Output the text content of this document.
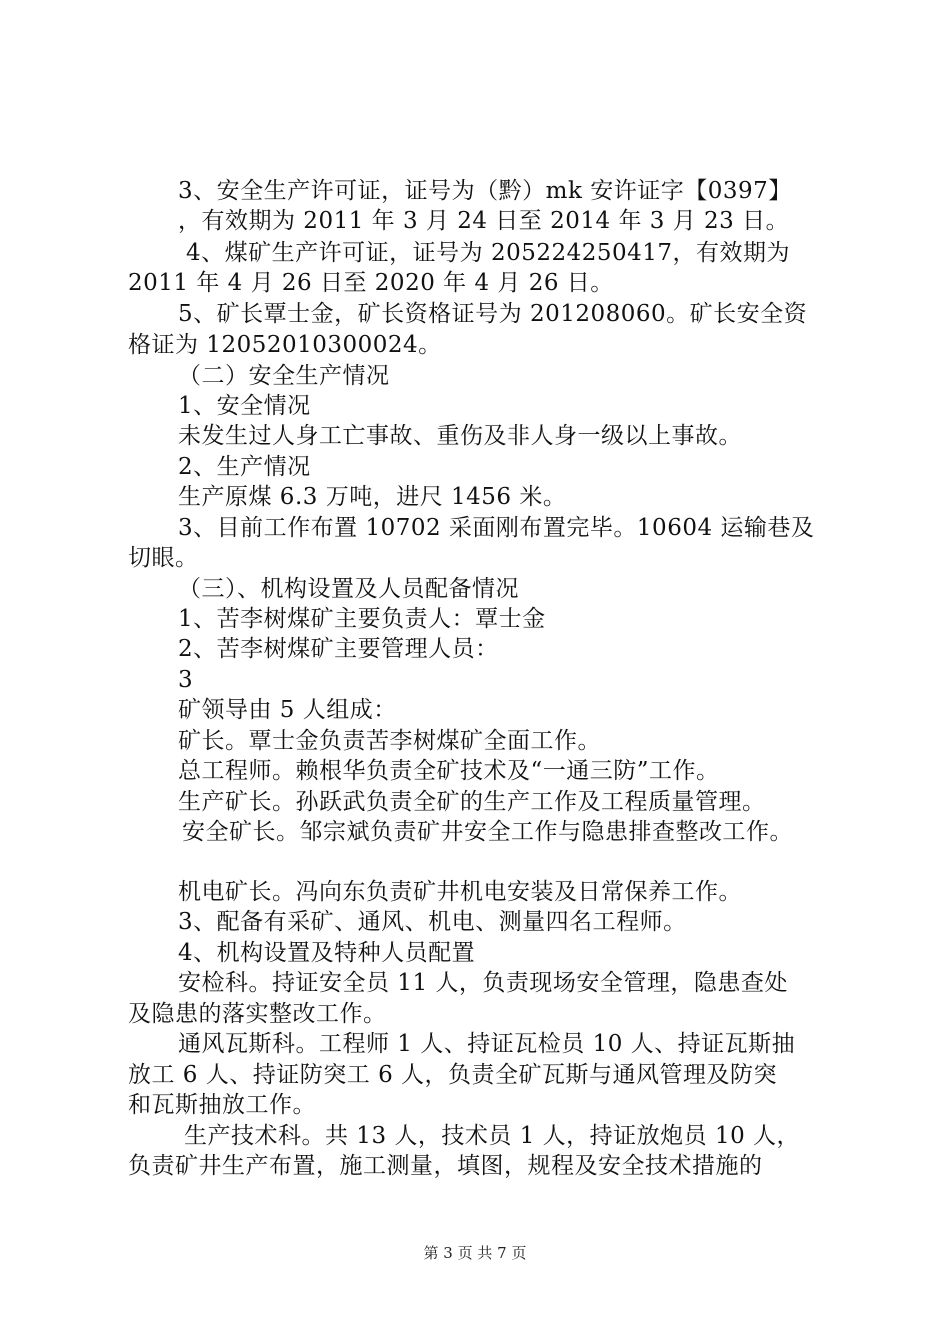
3、安全生产许可证，证号为（黔）mk 安许证字【0397】
，有效期为 2011 年 3 月 24 日至 2014 年 3 月 23 日。
4、煤矿生产许可证，证号为 205224250417，有效期为
2011 年 4 月 26 日至 2020 年 4 月 26 日。
5、矿长覃士金，矿长资格证号为 201208060。矿长安全资
格证为 12052010300024。
（二）安全生产情况
1、安全情况
未发生过人身工亡事故、重伤及非人身一级以上事故。
2、生产情况
生产原煤 6.3 万吨，进尺 1456 米。
3、目前工作布置 10702 采面刚布置完毕。10604 运输巷及
切眼。
（三）、机构设置及人员配备情况
1、苦李树煤矿主要负责人：覃士金
2、苦李树煤矿主要管理人员：
3
矿领导由 5 人组成：
矿长。覃士金负责苦李树煤矿全面工作。
总工程师。赖根华负责全矿技术及“一通三防”工作。
生产矿长。孙跃武负责全矿的生产工作及工程质量管理。
安全矿长。邹宗斌负责矿井安全工作与隐患排查整改工作。
机电矿长。冯向东负责矿井机电安装及日常保养工作。
3、配备有采矿、通风、机电、测量四名工程师。
4、机构设置及特种人员配置
安检科。持证安全员 11 人，负责现场安全管理，隐患查处
及隐患的落实整改工作。
通风瓦斯科。工程师 1 人、持证瓦检员 10 人、持证瓦斯抽
放工 6 人、持证防突工 6 人，负责全矿瓦斯与通风管理及防突
和瓦斯抽放工作。
生产技术科。共 13 人，技术员 1 人，持证放炮员 10 人，
负责矿井生产布置，施工测量，填图，规程及安全技术措施的
第 3 页 共 7 页
